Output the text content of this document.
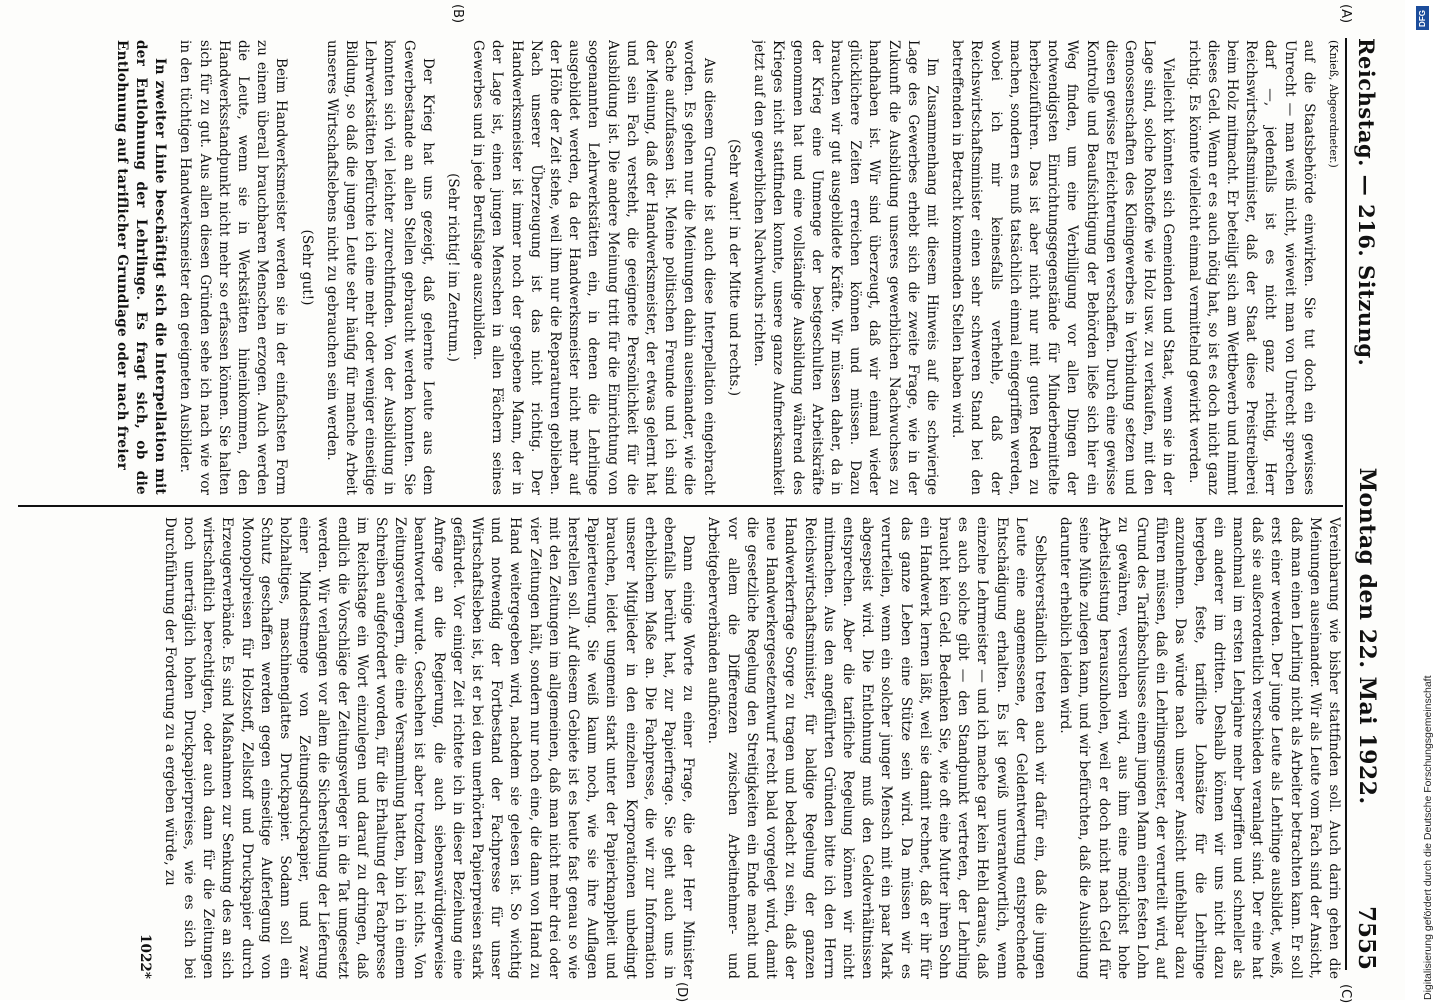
Reichstag. — 216. Sitzung.
Montag den 22. Mai 1922.
7555
(A)
(B)
(C)
(D)

(Knieß, Abgeordneter.)

auf die Staatsbehörde einwirken. Sie tut doch ein gewisses Unrecht — man weiß nicht, wieweit man von Unrecht sprechen darf —, jedenfalls ist es nicht ganz richtig, Herr Reichswirtschaftsminister, daß der Staat diese Preistreiberei beim Holz mitmacht. Er beteiligt sich am Wettbewerb und nimmt dieses Geld. Wenn er es auch nötig hat, so ist es doch nicht ganz richtig. Es könnte vielleicht einmal vermittelnd gewirkt werden.

Vielleicht könnten sich Gemeinden und Staat, wenn sie in der Lage sind, solche Rohstoffe wie Holz usw. zu verkaufen, mit den Genossenschaften des Kleingewerbes in Verbindung setzen und diesen gewisse Erleichterungen verschaffen. Durch eine gewisse Kontrolle und Beaufsichtigung der Behörden ließe sich hier ein Weg finden, um eine Verbilligung vor allen Dingen der notwendigsten Einrichtungsgegenstände für Minderbemittelte herbeizuführen. Das ist aber nicht nur mit guten Reden zu machen, sondern es muß tatsächlich einmal eingegriffen werden, wobei ich mir keinesfalls verhehle, daß der Reichswirtschaftsminister einen sehr schweren Stand bei den betreffenden in Betracht kommenden Stellen haben wird.

Im Zusammenhang mit diesem Hinweis auf die schwierige Lage des Gewerbes erhebt sich die zweite Frage, wie in der Zukunft die Ausbildung unseres gewerblichen Nachwuchses zu handhaben ist. Wir sind überzeugt, daß wir einmal wieder glücklichere Zeiten erreichen können und müssen. Dazu brauchen wir gut ausgebildete Kräfte. Wir müssen daher, da in der Krieg eine Unmenge der bestgeschulten Arbeitskräfte genommen hat und eine vollständige Ausbildung während des Krieges nicht stattfinden konnte, unsere ganze Aufmerksamkeit jetzt auf den gewerblichen Nachwuchs richten.

(Sehr wahr! in der Mitte und rechts.)

Aus diesem Grunde ist auch diese Interpellation eingebracht worden. Es gehen nur die Meinungen dahin auseinander, wie die Sache aufzufassen ist. Meine politischen Freunde und ich sind der Meinung, daß der Handwerksmeister, der etwas gelernt hat und sein Fach versteht, die geeignete Persönlichkeit für die Ausbildung ist. Die andere Meinung tritt für die Einrichtung von sogenannten Lehrwerkstätten ein, in denen die Lehrlinge ausgebildet werden, da der Handwerksmeister nicht mehr auf der Höhe der Zeit stehe, weil ihm nur die Reparaturen geblieben. Nach unserer Überzeugung ist das nicht richtig. Der Handwerksmeister ist immer noch der gegebene Mann, der in der Lage ist, einen jungen Menschen in allen Fächern seines Gewerbes und in jede Berufslage auszubilden.

(Sehr richtig! im Zentrum.)

Der Krieg hat uns gezeigt, daß gelernte Leute aus dem Gewerbestande an allen Stellen gebraucht werden konnten. Sie konnten sich viel leichter zurechtfinden. Von der Ausbildung in Lehrwerkstätten befürchte ich eine mehr oder weniger einseitige Bildung, so daß die jungen Leute sehr häufig für manche Arbeit unseres Wirtschaftslebens nicht zu gebrauchen sein werden.

(Sehr gut!)

Beim Handwerksmeister werden sie in der einfachsten Form zu einem überall brauchbaren Menschen erzogen. Auch werden die Leute, wenn sie in Werkstätten hineinkommen, den Handwerksstandpunkt nicht mehr so erfassen können. Sie halten sich für zu gut. Aus allen diesen Gründen sehe ich nach wie vor in den tüchtigen Handwerksmeister den geeigneten Ausbilder.

In zweiter Linie beschäftigt sich die Interpellation mit der Entlohnung der Lehrlinge. Es fragt sich, ob die Entlohnung auf tariflicher Grundlage oder nach freier

Vereinbarung wie bisher stattfinden soll. Auch darin gehen die Meinungen auseinander. Wir als Leute vom Fach sind der Ansicht, daß man einen Lehrling nicht als Arbeiter betrachten kann. Er soll erst einer werden. Der junge Leute als Lehrlinge ausbildet, weiß, daß sie außerordentlich verschieden veranlagt sind. Der eine hat manchmal im ersten Lehrjahre mehr begriffen und schneller als ein anderer im dritten. Deshalb können wir uns nicht dazu hergeben, feste, tarifliche Lohnsätze für die Lehrlinge anzunehmen. Das würde nach unserer Ansicht unfehlbar dazu führen müssen, daß ein Lehrlingsmeister, der verurteilt wird, auf Grund des Tarifabschlusses einem jungen Mann einen festen Lohn zu gewähren, versuchen wird, aus ihm eine möglichst hohe Arbeitsleistung herauszuholen, weil er doch nicht nach Geld für seine Mühe zulegen kann, und wir befürchten, daß die Ausbildung darunter erheblich leiden wird.

Selbstverständlich treten auch wir dafür ein, daß die jungen Leute eine angemessene, der Geldentwertung entsprechende Entschädigung erhalten. Es ist gewiß unverantwortlich, wenn einzelne Lehrmeister — und ich mache gar kein Hehl daraus, daß es auch solche gibt — den Standpunkt vertreten, der Lehrling braucht kein Geld. Bedenken Sie, wie oft eine Mutter ihren Sohn ein Handwerk lernen läßt, weil sie damit rechnet, daß er ihr für das ganze Leben eine Stütze sein wird. Da müssen wir es verurteilen, wenn ein solcher junger Mensch mit ein paar Mark abgespeist wird. Die Entlohnung muß den Geldverhältnissen entsprechen. Aber die tarifliche Regelung können wir nicht mitmachen. Aus den angeführten Gründen bitte ich den Herrn Reichswirtschaftsminister, für baldige Regelung der ganzen Handwerkerfrage Sorge zu tragen und bedacht zu sein, daß der neue Handwerkergesetzentwurf recht bald vorgelegt wird, damit die gesetzliche Regelung den Streitigkeiten ein Ende macht und vor allem die Differenzen zwischen Arbeitnehmer- und Arbeitgeberverbänden aufhören.

Dann einige Worte zu einer Frage, die der Herr Minister ebenfalls berührt hat, zur Papierfrage. Sie geht auch uns in erheblichem Maße an. Die Fachpresse, die wir zur Information unserer Mitglieder in den einzelnen Korporationen unbedingt brauchen, leidet ungemein stark unter der Papierknappheit und Papierteuerung. Sie weiß kaum noch, wie sie ihre Auflagen herstellen soll. Auf diesem Gebiete ist es heute fast genau so wie mit den Zeitungen im allgemeinen, daß man nicht mehr drei oder vier Zeitungen hält, sondern nur noch eine, die dann von Hand zu Hand weitergegeben wird, nachdem sie gelesen ist. So wichtig und notwendig der Fortbestand der Fachpresse für unser Wirtschaftsleben ist, ist er bei den unerhörten Papierpreisen stark gefährdet. Vor einiger Zeit richtete ich in dieser Beziehung eine Anfrage an die Regierung, die auch siebenswürdigerweise beantwortet wurde. Geschehen ist aber trotzdem fast nichts. Von Zeitungsverlegern, die eine Versammlung hatten, bin ich in einem Schreiben aufgefordert worden, für die Erhaltung der Fachpresse im Reichstage ein Wort einzulegen und darauf zu dringen, daß endlich die Vorschläge der Zeitungsverleger in die Tat umgesetzt werden. Wir verlangen vor allem die Sicherstellung der Lieferung einer Mindestmenge von Zeitungsdruckpapier, und zwar holzhaltiges, maschinenglattes Druckpapier. Sodann soll ein Schutz geschaffen werden gegen einseitige Auferlegung von Monopolpreisen für Holzstoff, Zellstoff und Druckpapier durch Erzeugerverbände. Es sind Maßnahmen zur Senkung des an sich wirtschaftlich berechtigten, oder auch dann für die Zeitungen noch unerträglich hohen Druckpapierpreises, wie es sich bei Durchführung der Forderung zu a ergeben würde, zu

1022*

DFG
Digitalisierung gefördert durch die Deutsche Forschungsgemeinschaft
